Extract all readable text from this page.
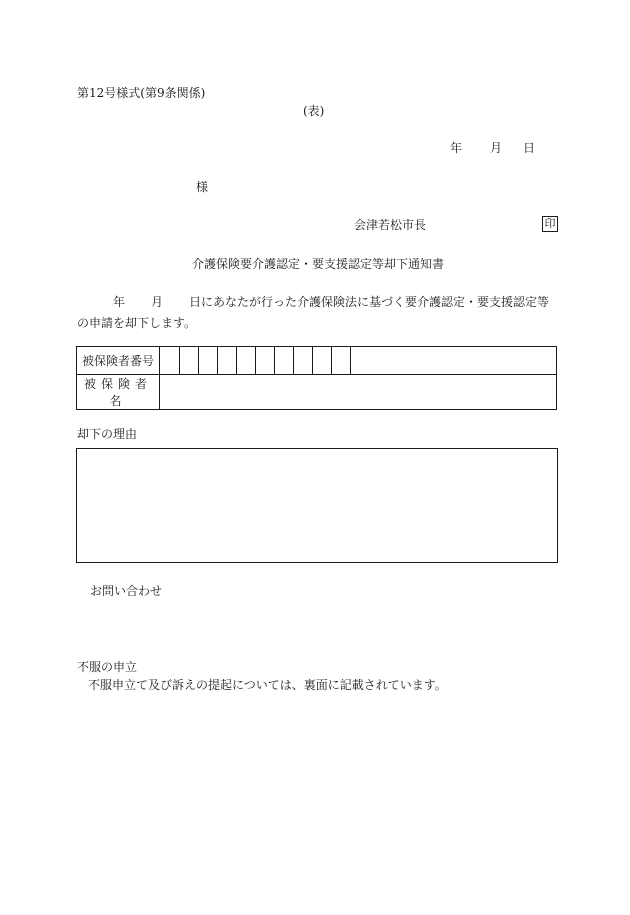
第12号様式(第9条関係)
(表)
年 月 日
様
会津若松市長	印
介護保険要介護認定・要支援認定等却下通知書
年 月 日にあなたが行った介護保険法に基づく要介護認定・要支援認定等の申請を却下します。
被保険者番号	

被保険者名	
却下の理由
お問い合わせ
不服の申立
不服申立て及び訴えの提起については、裏面に記載されています。
